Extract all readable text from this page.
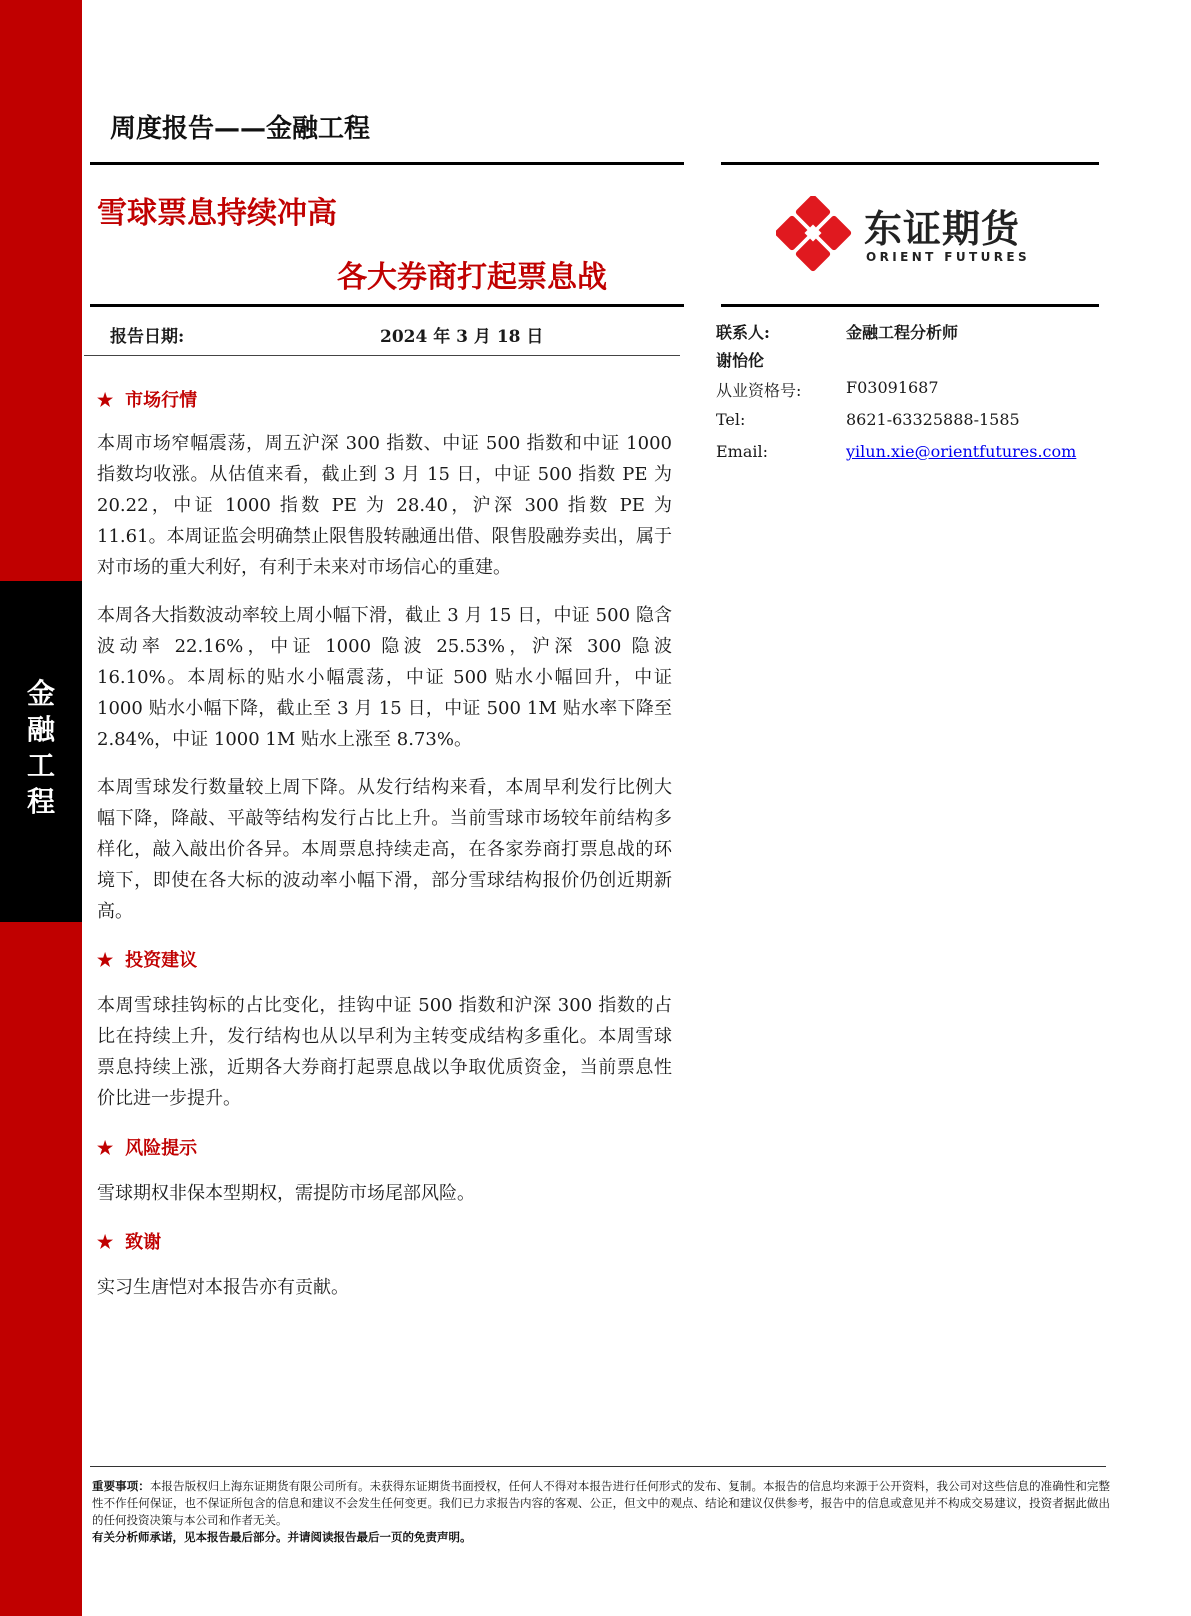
金融工程
周度报告——金融工程
雪球票息持续冲高
各大券商打起票息战
东证期货
ORIENT FUTURES
报告日期:	2024 年 3 月 18 日	联系人:	金融工程分析师
谢怡伦
从业资格号:	F03091687
Tel:	8621-63325888-1585
Email:	yilun.xie@orientfutures.com
★ 市场行情
本周市场窄幅震荡，周五沪深 300 指数、中证 500 指数和中证 1000 指数均收涨。从估值来看，截止到 3 月 15 日，中证 500 指数 PE 为 20.22，中证 1000 指数 PE 为 28.40，沪深 300 指数 PE 为 11.61。本周证监会明确禁止限售股转融通出借、限售股融券卖出，属于对市场的重大利好，有利于未来对市场信心的重建。
本周各大指数波动率较上周小幅下滑，截止 3 月 15 日，中证 500 隐含波动率 22.16%，中证 1000 隐波 25.53%，沪深 300 隐波 16.10%。本周标的贴水小幅震荡，中证 500 贴水小幅回升，中证 1000 贴水小幅下降，截止至 3 月 15 日，中证 500 1M 贴水率下降至 2.84%，中证 1000 1M 贴水上涨至 8.73%。
本周雪球发行数量较上周下降。从发行结构来看，本周早利发行比例大幅下降，降敲、平敲等结构发行占比上升。当前雪球市场较年前结构多样化，敲入敲出价各异。本周票息持续走高，在各家券商打票息战的环境下，即使在各大标的波动率小幅下滑，部分雪球结构报价仍创近期新高。
★ 投资建议
本周雪球挂钩标的占比变化，挂钩中证 500 指数和沪深 300 指数的占比在持续上升，发行结构也从以早利为主转变成结构多重化。本周雪球票息持续上涨，近期各大券商打起票息战以争取优质资金，当前票息性价比进一步提升。
★ 风险提示
雪球期权非保本型期权，需提防市场尾部风险。
★ 致谢
实习生唐恺对本报告亦有贡献。
重要事项：本报告版权归上海东证期货有限公司所有。未获得东证期货书面授权，任何人不得对本报告进行任何形式的发布、复制。本报告的信息均来源于公开资料，我公司对这些信息的准确性和完整性不作任何保证，也不保证所包含的信息和建议不会发生任何变更。我们已力求报告内容的客观、公正，但文中的观点、结论和建议仅供参考，报告中的信息或意见并不构成交易建议，投资者据此做出的任何投资决策与本公司和作者无关。
有关分析师承诺，见本报告最后部分。并请阅读报告最后一页的免责声明。
